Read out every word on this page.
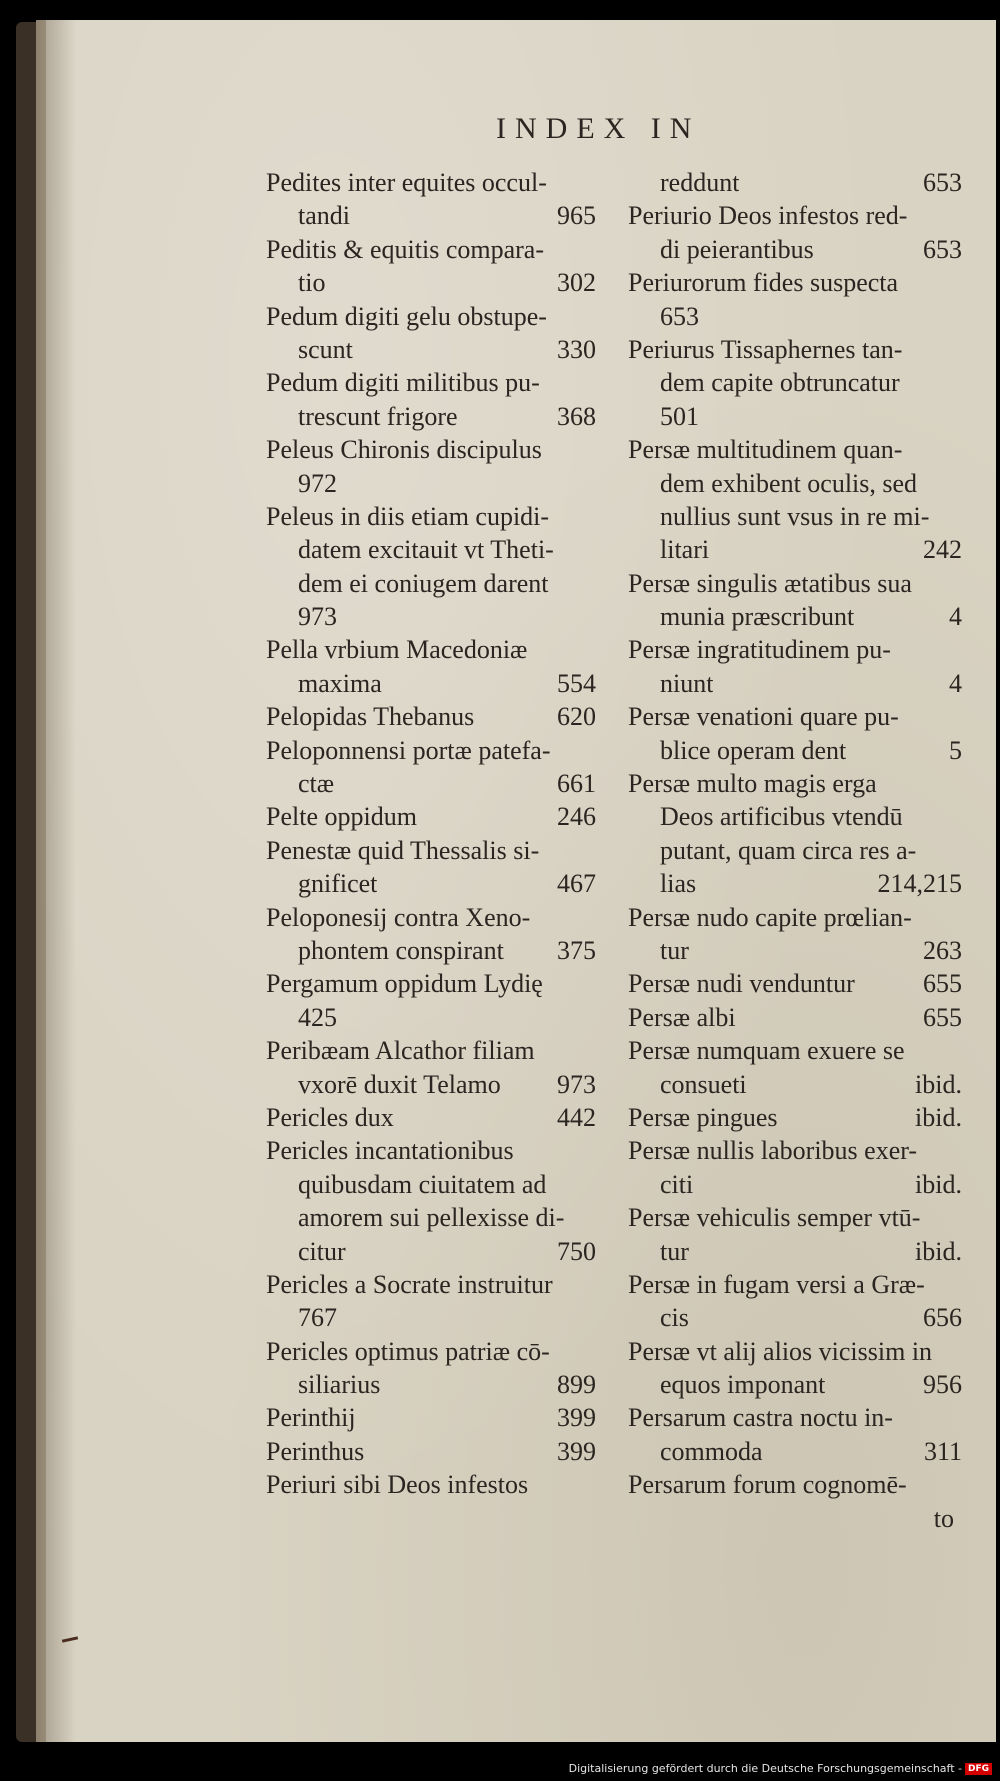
INDEX IN
Pedites inter equites occul-
tandi	965
Peditis & equitis compara-
tio	302
Pedum digiti gelu obstupe-
scunt	330
Pedum digiti militibus pu-
trescunt frigore	368
Peleus Chironis discipulus
972
Peleus in diis etiam cupidi-
datem excitauit vt Theti-
dem ei coniugem darent
973
Pella vrbium Macedoniæ
maxima	554
Pelopidas Thebanus	620
Peloponnensi portæ patefa-
ctæ	661
Pelte oppidum	246
Penestæ quid Thessalis si-
gnificet	467
Peloponesij contra Xeno-
phontem conspirant	375
Pergamum oppidum Lydię
425
Peribæam Alcathor filiam
vxorē duxit Telamo	973
Pericles dux	442
Pericles incantationibus
quibusdam ciuitatem ad
amorem sui pellexisse di-
citur	750
Pericles a Socrate instruitur
767
Pericles optimus patriæ cō-
siliarius	899
Perinthij	399
Perinthus	399
Periuri sibi Deos infestos
reddunt	653
Periurio Deos infestos red-
di peierantibus	653
Periurorum fides suspecta
653
Periurus Tissaphernes tan-
dem capite obtruncatur
501
Persæ multitudinem quan-
dem exhibent oculis, sed
nullius sunt vsus in re mi-
litari	242
Persæ singulis ætatibus sua
munia præscribunt	4
Persæ ingratitudinem pu-
niunt	4
Persæ venationi quare pu-
blice operam dent	5
Persæ multo magis erga
Deos artificibus vtendū
putant, quam circa res a-
lias	214,215
Persæ nudo capite prœlian-
tur	263
Persæ nudi venduntur	655
Persæ albi	655
Persæ numquam exuere se
consueti	ibid.
Persæ pingues	ibid.
Persæ nullis laboribus exer-
citi	ibid.
Persæ vehiculis semper vtū-
tur	ibid.
Persæ in fugam versi a Græ-
cis	656
Persæ vt alij alios vicissim in
equos imponant	956
Persarum castra noctu in-
commoda	311
Persarum forum cognomē-
to
Digitalisierung gefördert durch die Deutsche Forschungsgemeinschaft - DFG
